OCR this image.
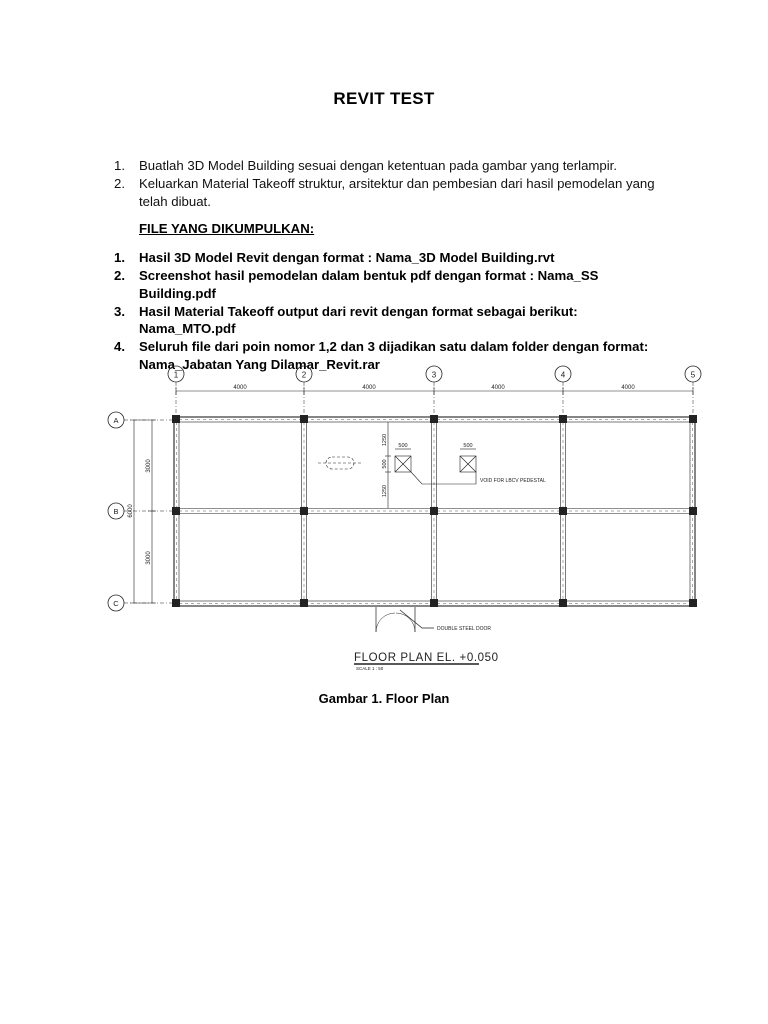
REVIT TEST
1. Buatlah 3D Model Building sesuai dengan ketentuan pada gambar yang terlampir.
2. Keluarkan Material Takeoff struktur, arsitektur dan pembesian dari hasil pemodelan yang telah dibuat.
FILE YANG DIKUMPULKAN:
1. Hasil 3D Model Revit dengan format : Nama_3D Model Building.rvt
2. Screenshot hasil pemodelan dalam bentuk pdf dengan format : Nama_SS Building.pdf
3. Hasil Material Takeoff output dari revit dengan format sebagai berikut: Nama_MTO.pdf
4. Seluruh file dari poin nomor 1,2 dan 3 dijadikan satu dalam folder dengan format: Nama_Jabatan Yang Dilamar_Revit.rar
1	2	3	4	5
A
B
C
4000	4000	4000	4000
3000
3000
6000
1250
500
1250
500	500
VOID FOR LBCV PEDESTAL
DOUBLE STEEL DOOR
FLOOR PLAN EL. +0.050
SCALE 1 : 50
Gambar 1. Floor Plan
